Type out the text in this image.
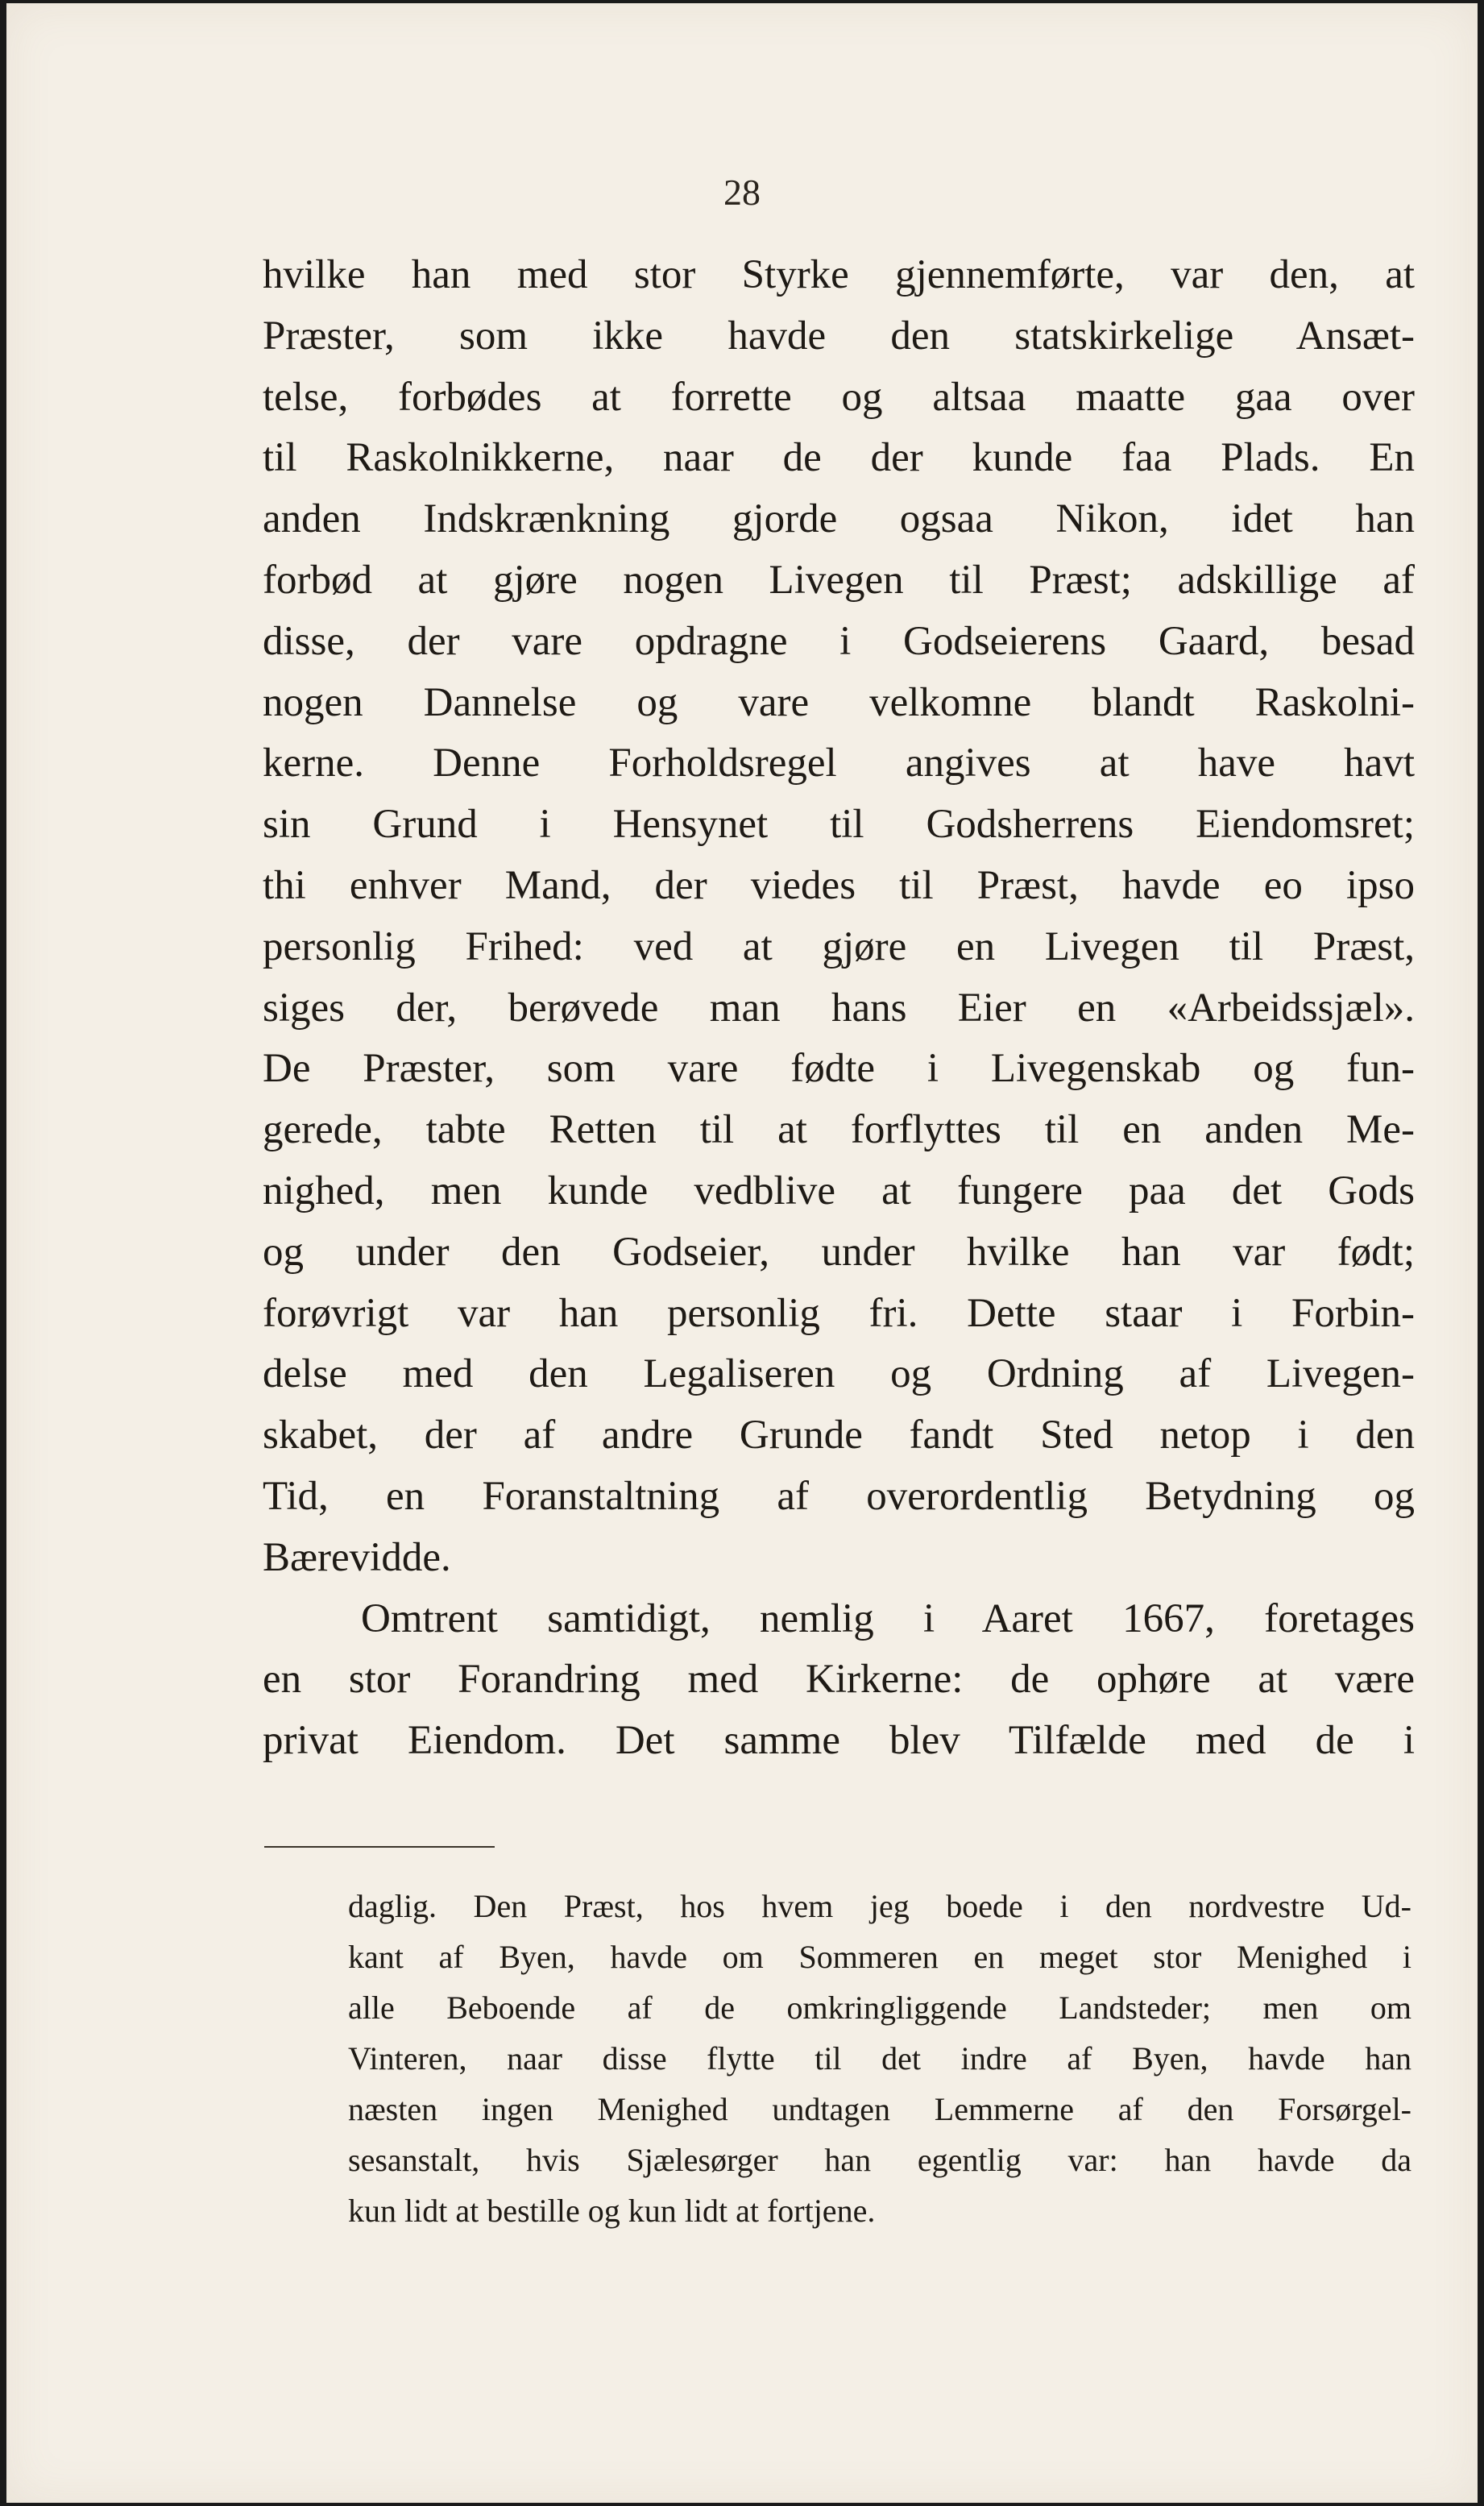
28
hvilke han med stor Styrke gjennemførte, var den, at
Præster, som ikke havde den statskirkelige Ansæt-
telse, forbødes at forrette og altsaa maatte gaa over
til Raskolnikkerne, naar de der kunde faa Plads. En
anden Indskrænkning gjorde ogsaa Nikon, idet han
forbød at gjøre nogen Livegen til Præst; adskillige af
disse, der vare opdragne i Godseierens Gaard, besad
nogen Dannelse og vare velkomne blandt Raskolni-
kerne. Denne Forholdsregel angives at have havt
sin Grund i Hensynet til Godsherrens Eiendomsret;
thi enhver Mand, der viedes til Præst, havde eo ipso
personlig Frihed: ved at gjøre en Livegen til Præst,
siges der, berøvede man hans Eier en «Arbeidssjæl».
De Præster, som vare fødte i Livegenskab og fun-
gerede, tabte Retten til at forflyttes til en anden Me-
nighed, men kunde vedblive at fungere paa det Gods
og under den Godseier, under hvilke han var født;
forøvrigt var han personlig fri. Dette staar i Forbin-
delse med den Legaliseren og Ordning af Livegen-
skabet, der af andre Grunde fandt Sted netop i den
Tid, en Foranstaltning af overordentlig Betydning og
Bærevidde.
Omtrent samtidigt, nemlig i Aaret 1667, foretages
en stor Forandring med Kirkerne: de ophøre at være
privat Eiendom. Det samme blev Tilfælde med de i
daglig. Den Præst, hos hvem jeg boede i den nordvestre Ud-
kant af Byen, havde om Sommeren en meget stor Menighed i
alle Beboende af de omkringliggende Landsteder; men om
Vinteren, naar disse flytte til det indre af Byen, havde han
næsten ingen Menighed undtagen Lemmerne af den Forsørgel-
sesanstalt, hvis Sjælesørger han egentlig var: han havde da
kun lidt at bestille og kun lidt at fortjene.
